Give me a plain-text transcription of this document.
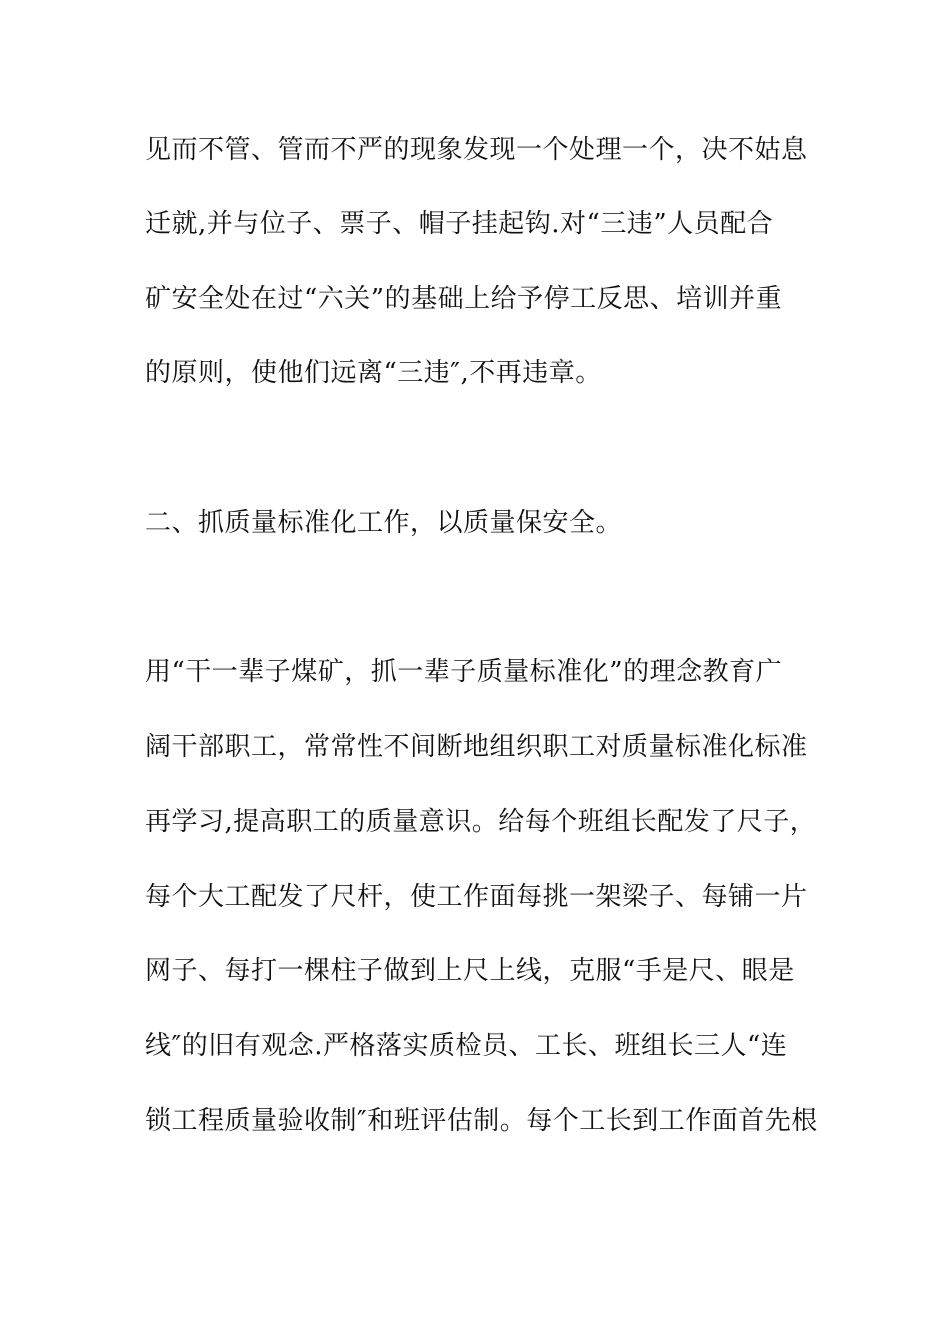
见而不管、管而不严的现象发现一个处理一个，决不姑息
迁就,并与位子、票子、帽子挂起钩.对“三违”人员配合
矿安全处在过“六关”的基础上给予停工反思、培训并重
的原则，使他们远离“三违″,不再违章。
二、抓质量标准化工作，以质量保安全。
用“干一辈子煤矿，抓一辈子质量标准化”的理念教育广
阔干部职工，常常性不间断地组织职工对质量标准化标准
再学习,提高职工的质量意识。给每个班组长配发了尺子，
每个大工配发了尺杆，使工作面每挑一架梁子、每铺一片
网子、每打一棵柱子做到上尺上线，克服“手是尺、眼是
线″的旧有观念.严格落实质检员、工长、班组长三人“连
锁工程质量验收制″和班评估制。每个工长到工作面首先根
